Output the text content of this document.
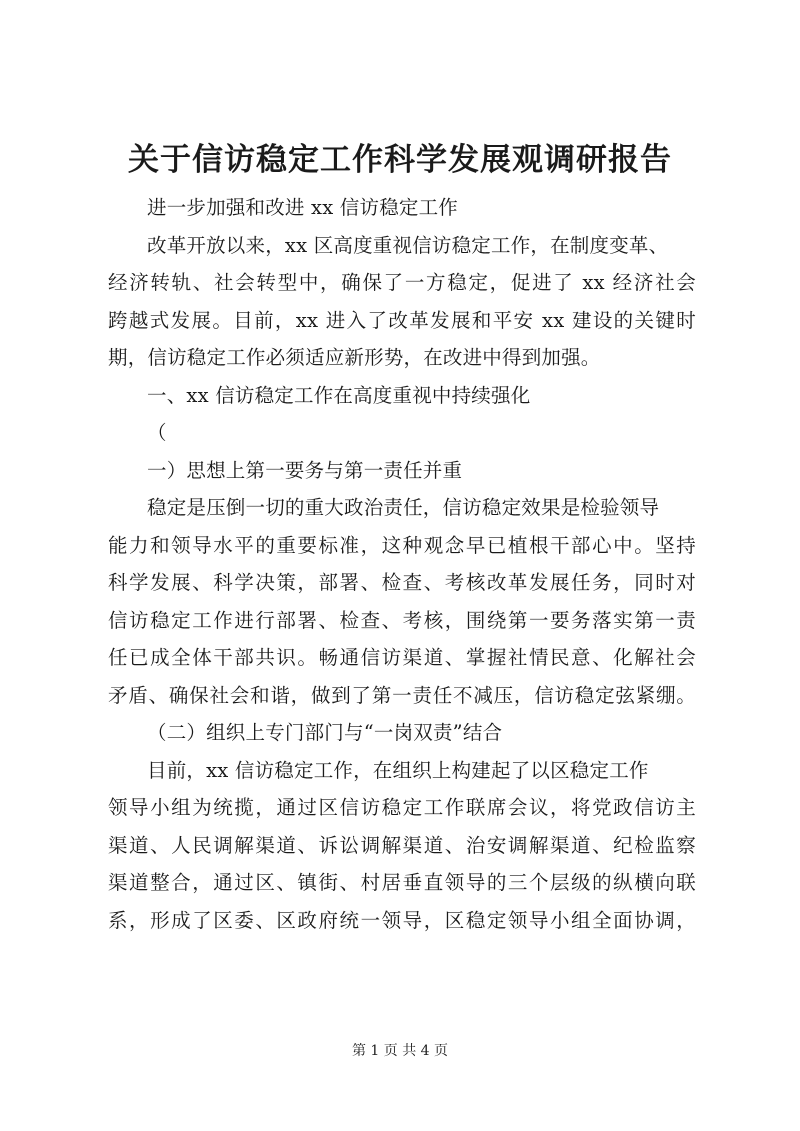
关于信访稳定工作科学发展观调研报告
进一步加强和改进 xx 信访稳定工作
改革开放以来，xx 区高度重视信访稳定工作，在制度变革、
经济转轨、社会转型中，确保了一方稳定，促进了 xx 经济社会
跨越式发展。目前，xx 进入了改革发展和平安 xx 建设的关键时
期，信访稳定工作必须适应新形势，在改进中得到加强。
一、xx 信访稳定工作在高度重视中持续强化
（
一）思想上第一要务与第一责任并重
稳定是压倒一切的重大政治责任，信访稳定效果是检验领导
能力和领导水平的重要标准，这种观念早已植根干部心中。坚持
科学发展、科学决策，部署、检查、考核改革发展任务，同时对
信访稳定工作进行部署、检查、考核，围绕第一要务落实第一责
任已成全体干部共识。畅通信访渠道、掌握社情民意、化解社会
矛盾、确保社会和谐，做到了第一责任不减压，信访稳定弦紧绷。
（二）组织上专门部门与“一岗双责”结合
目前，xx 信访稳定工作，在组织上构建起了以区稳定工作
领导小组为统揽，通过区信访稳定工作联席会议，将党政信访主
渠道、人民调解渠道、诉讼调解渠道、治安调解渠道、纪检监察
渠道整合，通过区、镇街、村居垂直领导的三个层级的纵横向联
系，形成了区委、区政府统一领导，区稳定领导小组全面协调，
第 1 页 共 4 页
